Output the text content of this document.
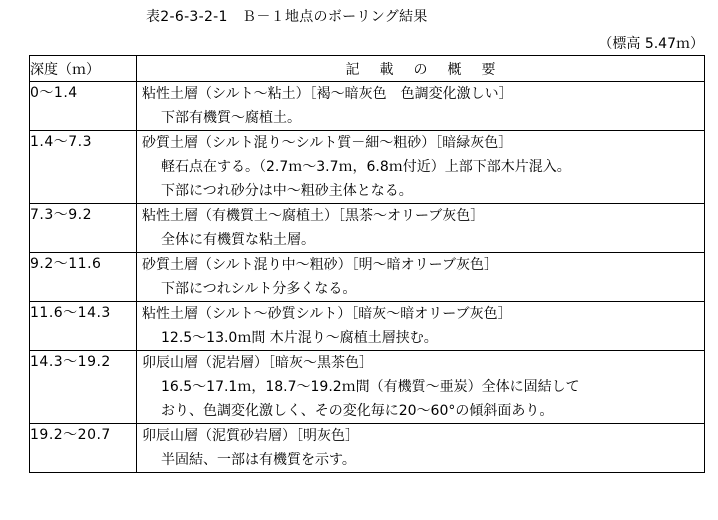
表2-6-3-2-1　Ｂ－１地点のボーリング結果
（標高 5.47ｍ）
深度（ｍ）	記 載 の 概 要
0～1.4	粘性土層（シルト～粘土）［褐～暗灰色　色調変化激しい］
下部有機質～腐植土。

1.4～7.3	砂質土層（シルト混り～シルト質－細～粗砂）［暗緑灰色］
軽石点在する。（2.7ｍ～3.7ｍ，6.8ｍ付近）上部下部木片混入。
下部につれ砂分は中～粗砂主体となる。

7.3～9.2	粘性土層（有機質土～腐植土）［黒茶～オリーブ灰色］
全体に有機質な粘土層。

9.2～11.6	砂質土層（シルト混り中～粗砂）［明～暗オリーブ灰色］
下部につれシルト分多くなる。

11.6～14.3	粘性土層（シルト～砂質シルト）［暗灰～暗オリーブ灰色］
12.5～13.0ｍ間 木片混り～腐植土層挟む。

14.3～19.2	卯辰山層（泥岩層）［暗灰～黒茶色］
16.5～17.1ｍ，18.7～19.2ｍ間（有機質～亜炭）全体に固結して
おり、色調変化激しく、その変化毎に20～60°の傾斜面あり。

19.2～20.7	卯辰山層（泥質砂岩層）［明灰色］
半固結、一部は有機質を示す。
